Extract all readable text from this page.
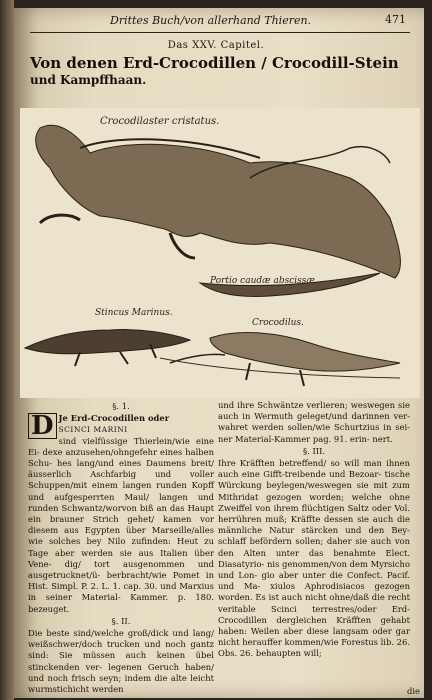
Drittes Buch/von allerhand Thieren.	471
Das XXV. Capitel.
Von denen Erd-Crocodillen / Crocodill-Stein
und Kampffhaan.
Crocodilaster cristatus.
Portio caudæ abscissæ.
Stincus Marinus.
Crocodilus.
§. 1.

D Je Erd-Crocodillen oder
SCINCI MARINI
sind vielfüssige Thierlein/wie eine Ei- dexe anzusehen/ohngefehr eines halben Schu- hes lang/und eines Daumens breit/äusserlich Aschfarbig und voller Schuppen/mit einem langen runden Kopff und aufgesperrten Maul/ langen und runden Schwantz/worvon biß an das Haupt ein brauner Strich gehet/ kamen vor diesem aus Egypten über Marseille/alles wie solches bey Nilo zufinden: Heut zu Tage aber werden sie aus Italien über Vene- dig/ tort ausgenommen und ausgetrucknet/ü- berbracht/wie Pomet in Hist. Simpl. P. 2. L. 1. cap. 30. und Marxius in seiner Material- Kammer. p. 180. bezeuget.

§. II.

Die beste sind/welche groß/dick und lang/ weißschwer/doch trucken und noch gantz sind: Sie müssen auch keinen übel stinckenden ver- legenen Geruch haben/ und noch frisch seyn; indem die alte leicht wurmstichicht werden

und ihre Schwäntze verlieren; weswegen sie auch in Wermuth geleget/und darinnen ver- wahret werden sollen/wie Schurtzius in sei- ner Material-Kammer pag. 91. erin- nert.

§. III.

Ihre Kräfften betreffend/ so will man ihnen auch eine Gifft-treibende und Bezoar- tische Würckung beylegen/weswegen sie mit zum Mithridat gezogen worden; welche ohne Zweiffel von ihrem flüchtigen Saltz oder Vol. herrühren muß; Kräffte dessen sie auch die männliche Natur stärcken und den Bey- schlaff befördern sollen; daher sie auch von den Alten unter das benahmte Elect. Diasatyrio- nis genommen/von dem Myrsicho und Lon- gio aber unter die Confect. Pacif. und Ma- xiulos Aphrodisiacos gezogen worden. Es ist auch nicht ohne/daß die recht veritable Scinci terrestres/oder Erd-Crocodillen dergleichen Kräfften gehabt haben: Weilen aber diese langsam oder gar nicht herauffer kommen/wie Forestus lib. 26. Obs. 26. behaupten will;

die
